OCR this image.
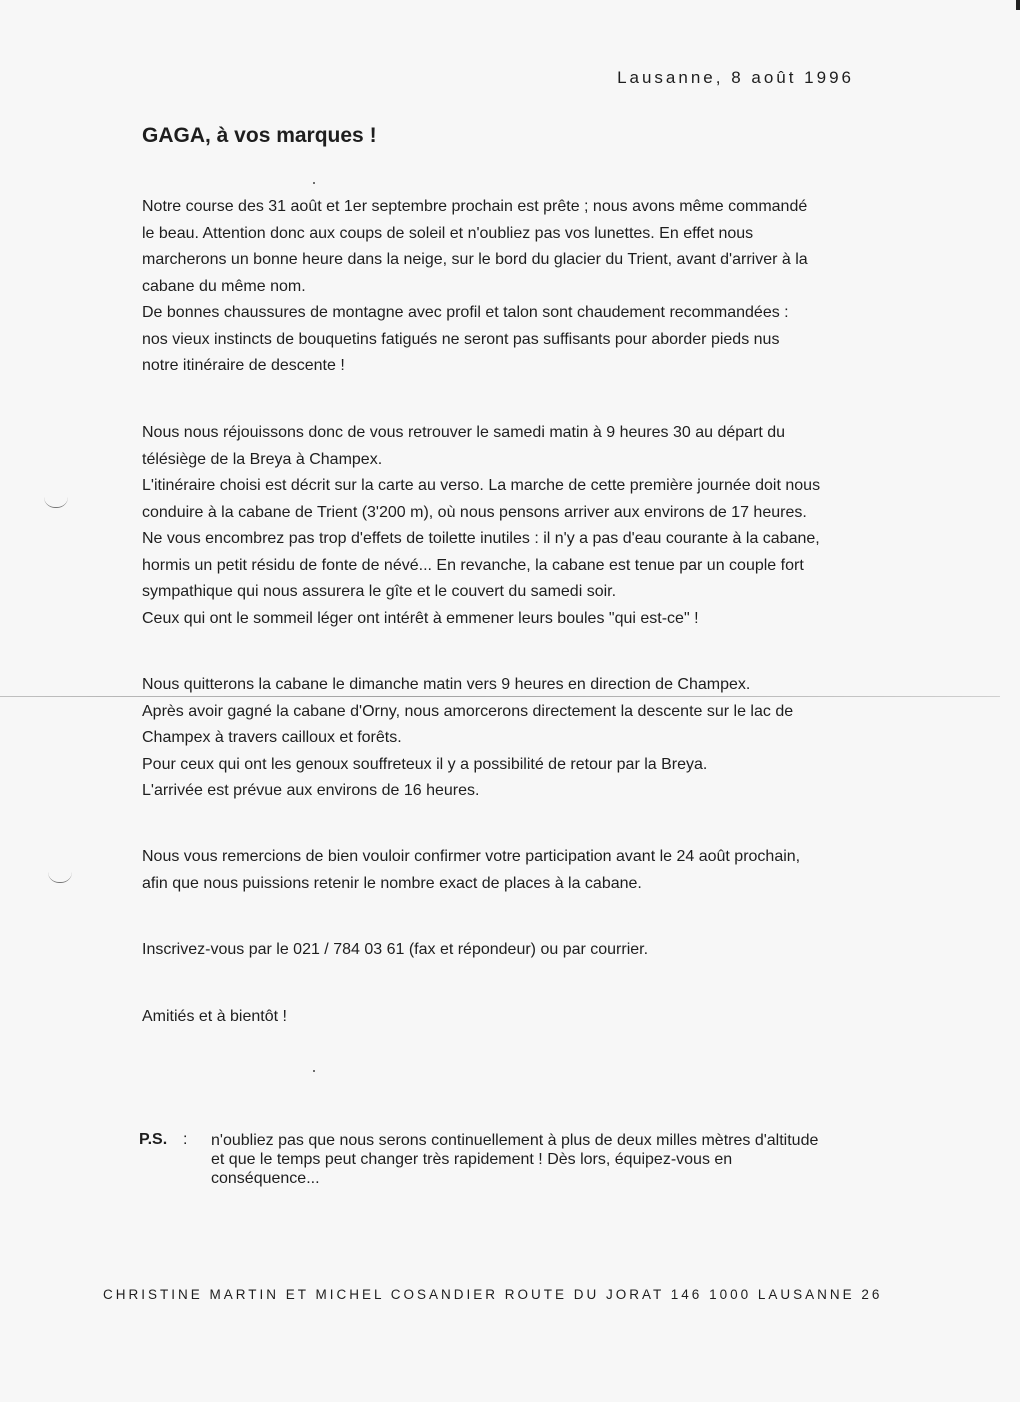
Lausanne, 8 août 1996
GAGA, à vos marques !
Notre course des 31 août et 1er septembre prochain est prête ; nous avons même commandé
le beau. Attention donc aux coups de soleil et n'oubliez pas vos lunettes. En effet nous
marcherons un bonne heure dans la neige, sur le bord du glacier du Trient, avant d'arriver à la
cabane du même nom.
De bonnes chaussures de montagne avec profil et talon sont chaudement recommandées :
nos vieux instincts de bouquetins fatigués ne seront pas suffisants pour aborder pieds nus
notre itinéraire de descente !
Nous nous réjouissons donc de vous retrouver le samedi matin à 9 heures 30 au départ du
télésiège de la Breya à Champex.
L'itinéraire choisi est décrit sur la carte au verso. La marche de cette première journée doit nous
conduire à la cabane de Trient (3'200 m), où nous pensons arriver aux environs de 17 heures.
Ne vous encombrez pas trop d'effets de toilette inutiles : il n'y a pas d'eau courante à la cabane,
hormis un petit résidu de fonte de névé... En revanche, la cabane est tenue par un couple fort
sympathique qui nous assurera le gîte et le couvert du samedi soir.
Ceux qui ont le sommeil léger ont intérêt à emmener leurs boules "qui est-ce" !
Nous quitterons la cabane le dimanche matin vers 9 heures en direction de Champex.
Après avoir gagné la cabane d'Orny, nous amorcerons directement la descente sur le lac de
Champex à travers cailloux et forêts.
Pour ceux qui ont les genoux souffreteux il y a possibilité de retour par la Breya.
L'arrivée est prévue aux environs de 16 heures.
Nous vous remercions de bien vouloir confirmer votre participation avant le 24 août prochain,
afin que nous puissions retenir le nombre exact de places à la cabane.
Inscrivez-vous par le 021 / 784 03 61 (fax et répondeur) ou par courrier.
Amitiés et à bientôt !
P.S. : n'oubliez pas que nous serons continuellement à plus de deux milles mètres d'altitude
et que le temps peut changer très rapidement ! Dès lors, équipez-vous en
conséquence...
CHRISTINE MARTIN ET MICHEL COSANDIER ROUTE DU JORAT 146 1000 LAUSANNE 26
